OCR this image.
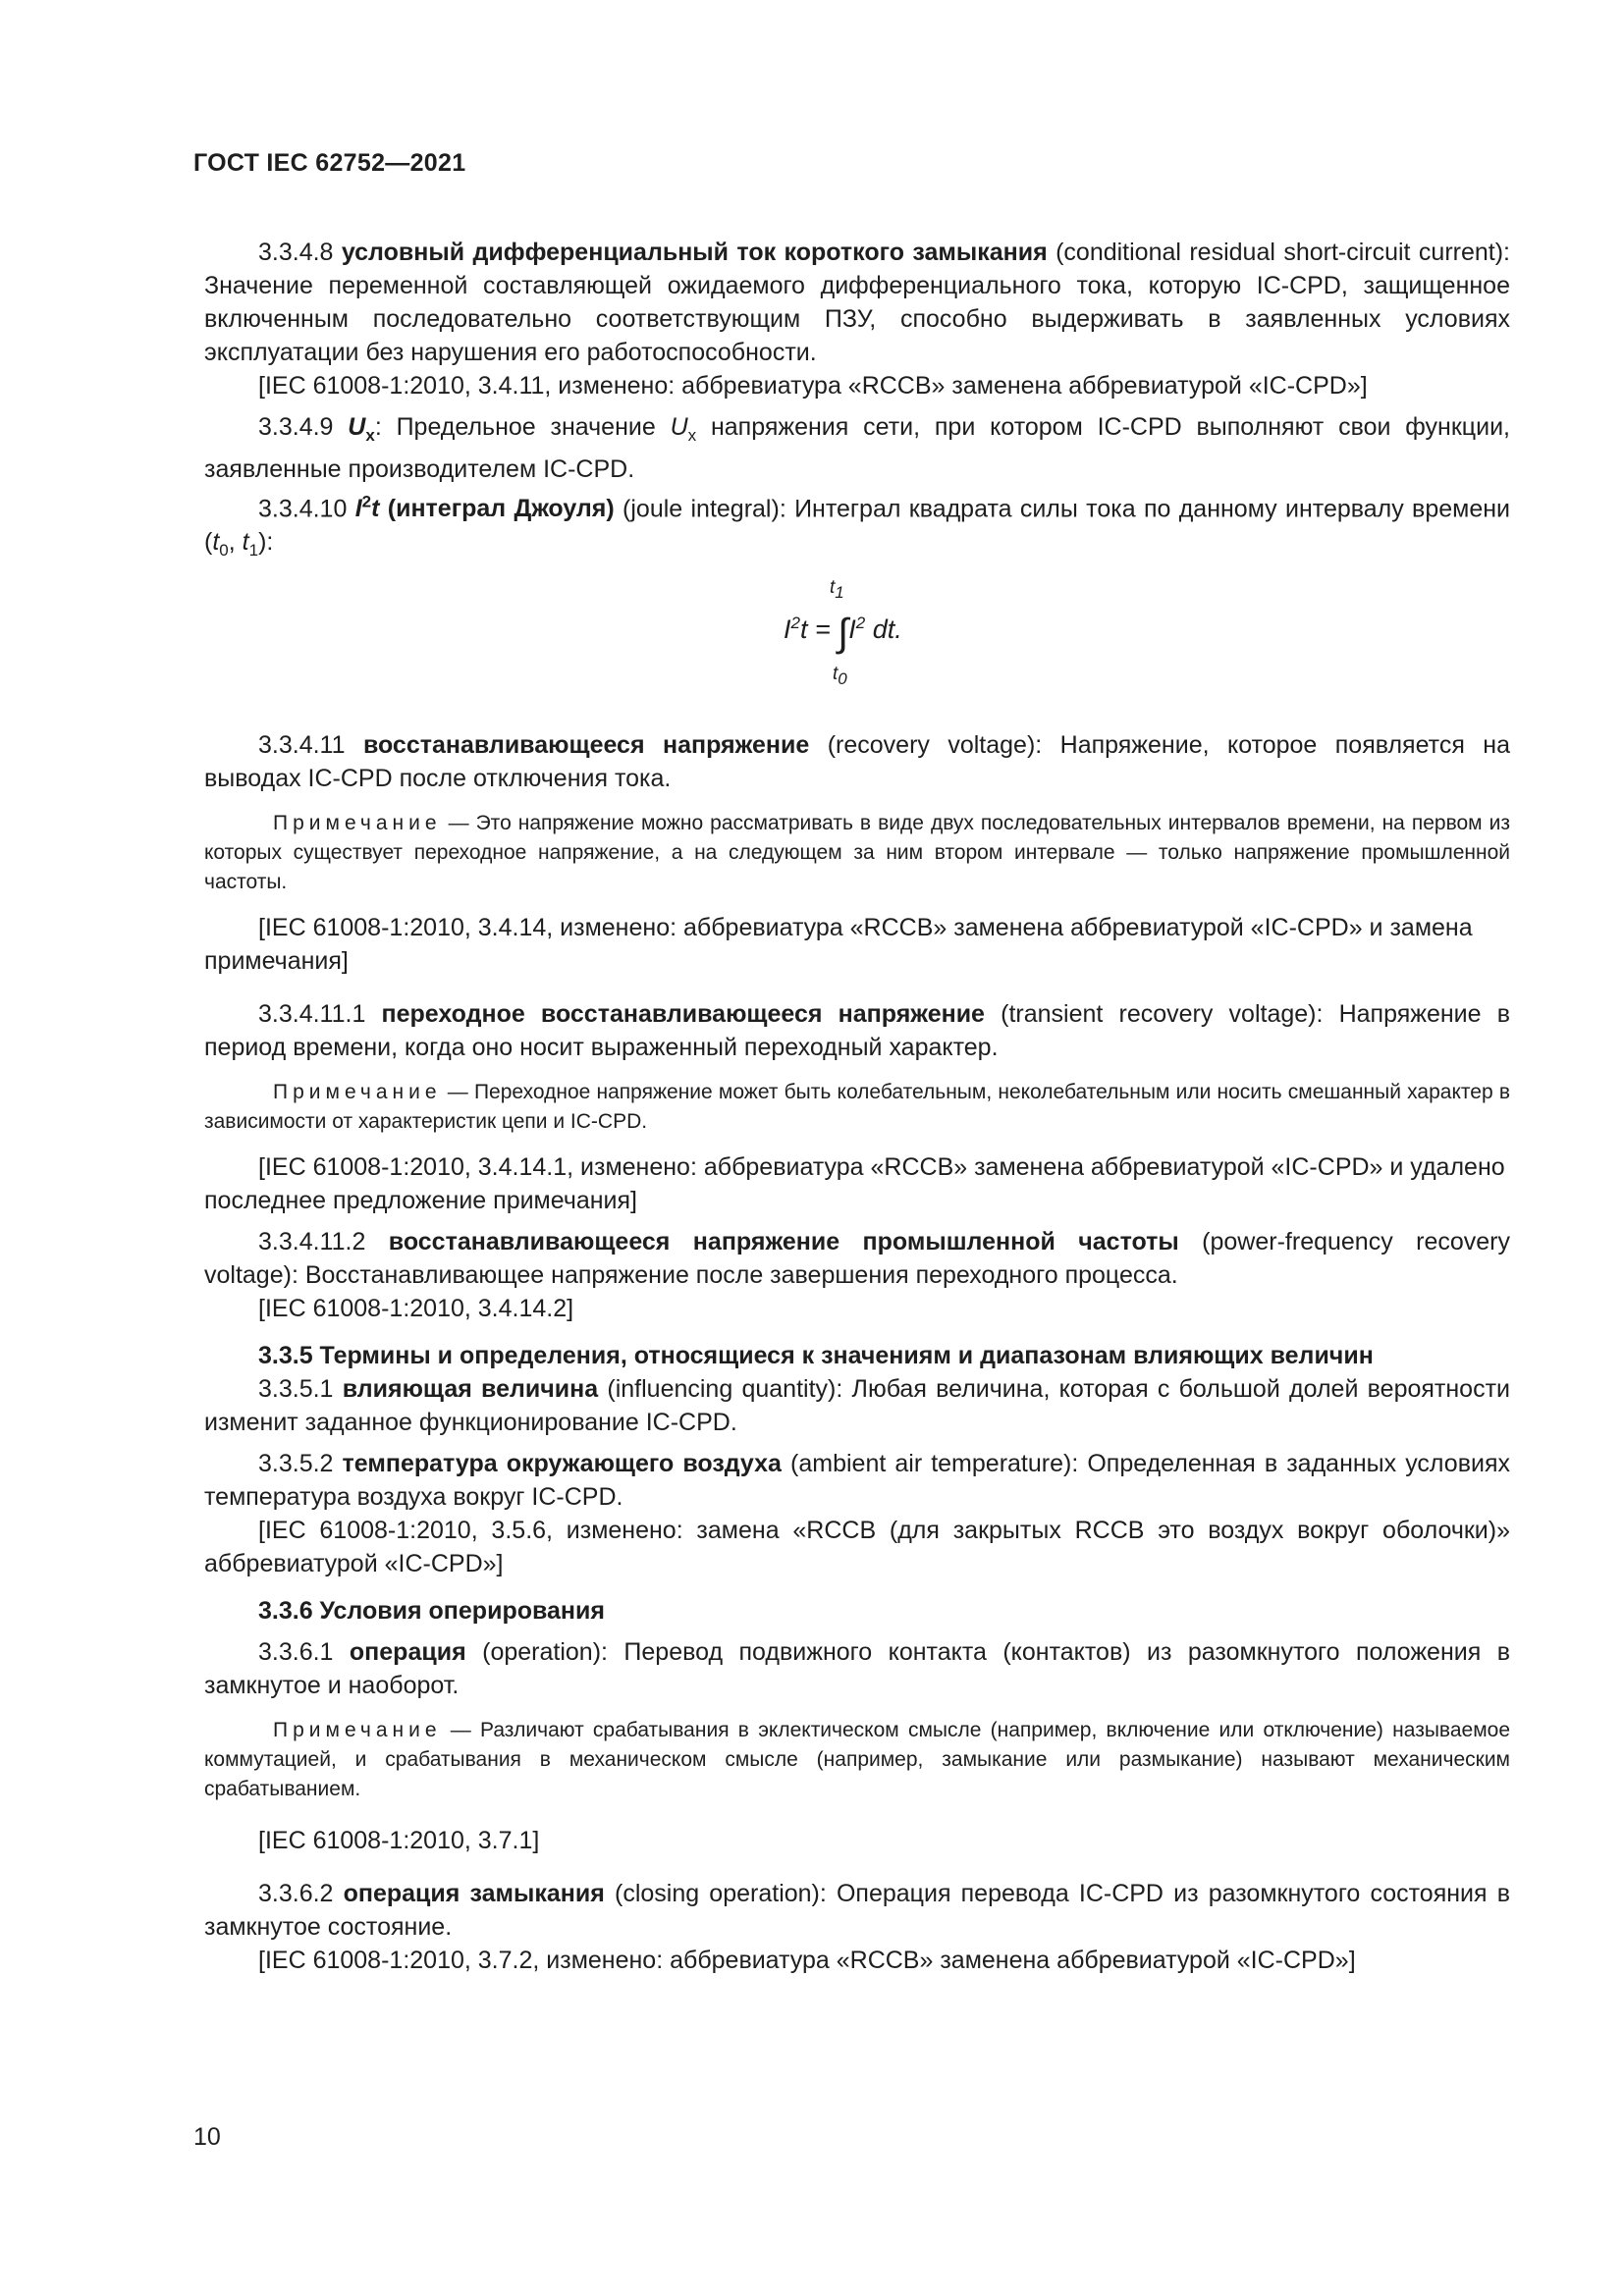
ГОСТ IEC 62752—2021

3.3.4.8 условный дифференциальный ток короткого замыкания (conditional residual short-circuit current): Значение переменной составляющей ожидаемого дифференциального тока, которую IC-CPD, защищенное включенным последовательно соответствующим ПЗУ, способно выдерживать в заявленных условиях эксплуатации без нарушения его работоспособности.

[IEC 61008-1:2010, 3.4.11, изменено: аббревиатура «RCCB» заменена аббревиатурой «IC-CPD»]

3.3.4.9 $U_x$: Предельное значение $U_x$ напряжения сети, при котором IC-CPD выполняют свои функции, заявленные производителем IC-CPD.

3.3.4.10 $I^2t$ (интеграл Джоуля) (joule integral): Интеграл квадрата силы тока по данному интервалу времени ($t_0$, $t_1$):

$t_1$
$I^2t = \int I^2$ dt.
$t_0$

3.3.4.11 восстанавливающееся напряжение (recovery voltage): Напряжение, которое появляется на выводах IC-CPD после отключения тока.

Примечание — Это напряжение можно рассматривать в виде двух последовательных интервалов времени, на первом из которых существует переходное напряжение, а на следующем за ним втором интервале — только напряжение промышленной частоты.

[IEC 61008-1:2010, 3.4.14, изменено: аббревиатура «RCCB» заменена аббревиатурой «IC-CPD» и замена примечания]

3.3.4.11.1 переходное восстанавливающееся напряжение (transient recovery voltage): Напряжение в период времени, когда оно носит выраженный переходный характер.

Примечание — Переходное напряжение может быть колебательным, неколебательным или носить смешанный характер в зависимости от характеристик цепи и IC-CPD.

[IEC 61008-1:2010, 3.4.14.1, изменено: аббревиатура «RCCB» заменена аббревиатурой «IC-CPD» и удалено последнее предложение примечания]

3.3.4.11.2 восстанавливающееся напряжение промышленной частоты (power-frequency recovery voltage): Восстанавливающее напряжение после завершения переходного процесса.

[IEC 61008-1:2010, 3.4.14.2]

3.3.5 Термины и определения, относящиеся к значениям и диапазонам влияющих величин

3.3.5.1 влияющая величина (influencing quantity): Любая величина, которая с большой долей вероятности изменит заданное функционирование IC-CPD.

3.3.5.2 температура окружающего воздуха (ambient air temperature): Определенная в заданных условиях температура воздуха вокруг IC-CPD.

[IEC 61008-1:2010, 3.5.6, изменено: замена «RCCB (для закрытых RCCB это воздух вокруг оболочки)» аббревиатурой «IC-CPD»]

3.3.6 Условия оперирования

3.3.6.1 операция (operation): Перевод подвижного контакта (контактов) из разомкнутого положения в замкнутое и наоборот.

Примечание — Различают срабатывания в эклектическом смысле (например, включение или отключение) называемое коммутацией, и срабатывания в механическом смысле (например, замыкание или размыкание) называют механическим срабатыванием.

[IEC 61008-1:2010, 3.7.1]

3.3.6.2 операция замыкания (closing operation): Операция перевода IC-CPD из разомкнутого состояния в замкнутое состояние.

[IEC 61008-1:2010, 3.7.2, изменено: аббревиатура «RCCB» заменена аббревиатурой «IC-CPD»]

10
